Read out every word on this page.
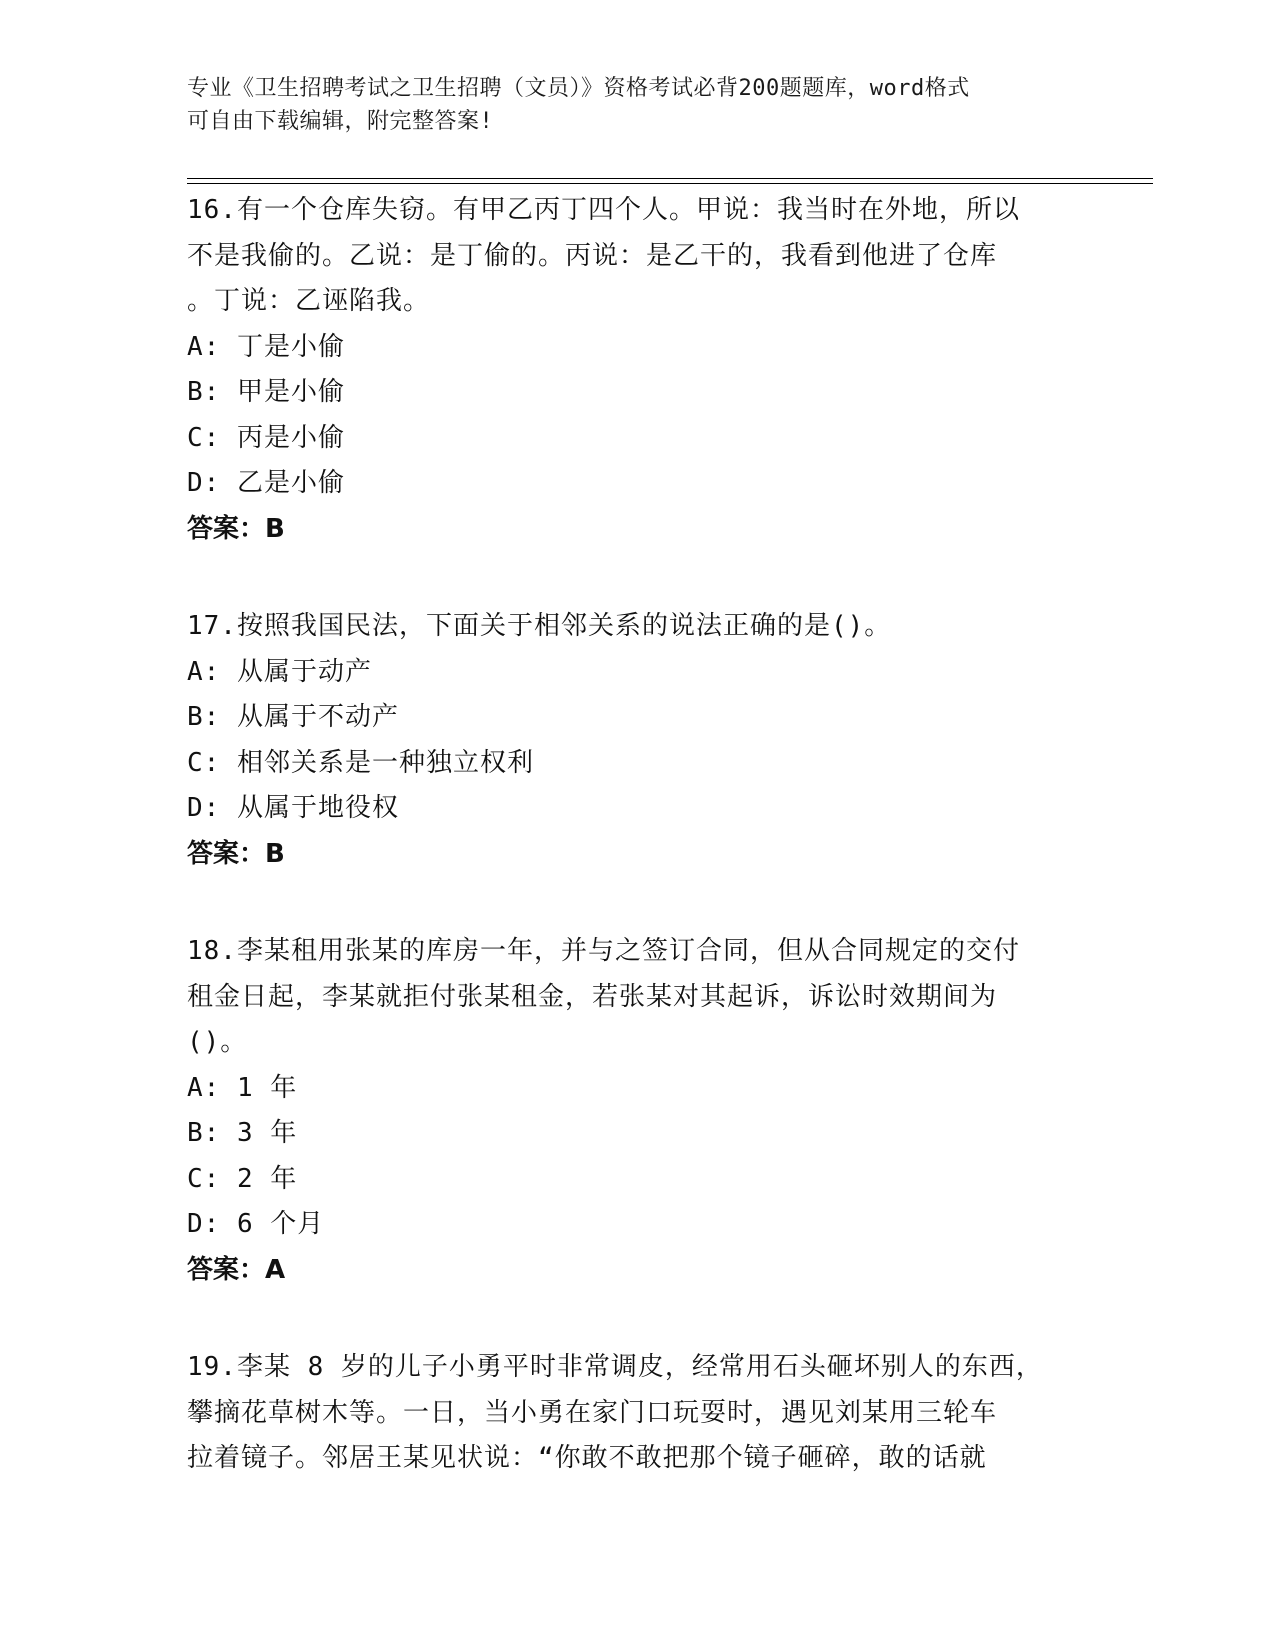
专业《卫生招聘考试之卫生招聘（文员）》资格考试必背200题题库，word格式
可自由下载编辑，附完整答案!
16.有一个仓库失窃。有甲乙丙丁四个人。甲说：我当时在外地，所以
不是我偷的。乙说：是丁偷的。丙说：是乙干的，我看到他进了仓库
。丁说：乙诬陷我。
A: 丁是小偷
B: 甲是小偷
C: 丙是小偷
D: 乙是小偷
答案：B
17.按照我国民法，下面关于相邻关系的说法正确的是()。
A: 从属于动产
B: 从属于不动产
C: 相邻关系是一种独立权利
D: 从属于地役权
答案：B
18.李某租用张某的库房一年，并与之签订合同，但从合同规定的交付
租金日起，李某就拒付张某租金，若张某对其起诉，诉讼时效期间为
()。
A: 1 年
B: 3 年
C: 2 年
D: 6 个月
答案：A
19.李某 8 岁的儿子小勇平时非常调皮，经常用石头砸坏别人的东西，
攀摘花草树木等。一日，当小勇在家门口玩耍时，遇见刘某用三轮车
拉着镜子。邻居王某见状说：“你敢不敢把那个镜子砸碎，敢的话就
